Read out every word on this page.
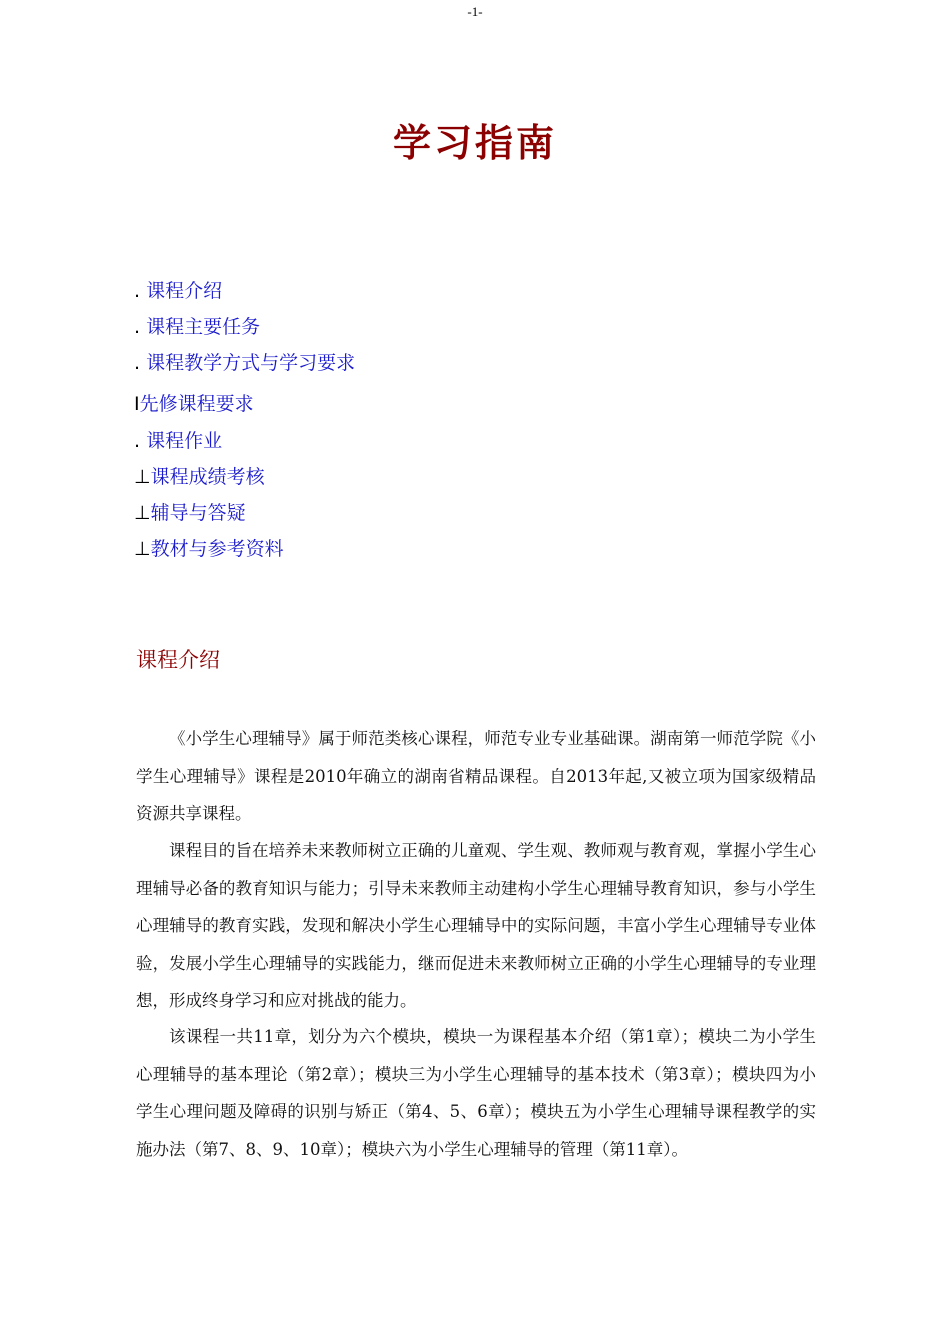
-1-
学习指南
. 课程介绍
. 课程主要任务
. 课程教学方式与学习要求
I先修课程要求
. 课程作业
⊥课程成绩考核
⊥辅导与答疑
⊥教材与参考资料
课程介绍

《小学生心理辅导》属于师范类核心课程，师范专业专业基础课。湖南第一师范学院《小学生心理辅导》课程是2010年确立的湖南省精品课程。自2013年起,又被立项为国家级精品资源共享课程。

课程目的旨在培养未来教师树立正确的儿童观、学生观、教师观与教育观，掌握小学生心理辅导必备的教育知识与能力；引导未来教师主动建构小学生心理辅导教育知识，参与小学生心理辅导的教育实践，发现和解决小学生心理辅导中的实际问题，丰富小学生心理辅导专业体验，发展小学生心理辅导的实践能力，继而促进未来教师树立正确的小学生心理辅导的专业理想，形成终身学习和应对挑战的能力。

该课程一共11章，划分为六个模块，模块一为课程基本介绍（第1章）；模块二为小学生心理辅导的基本理论（第2章）；模块三为小学生心理辅导的基本技术（第3章）；模块四为小学生心理问题及障碍的识别与矫正（第4、5、6章）；模块五为小学生心理辅导课程教学的实施办法（第7、8、9、10章）；模块六为小学生心理辅导的管理（第11章）。
